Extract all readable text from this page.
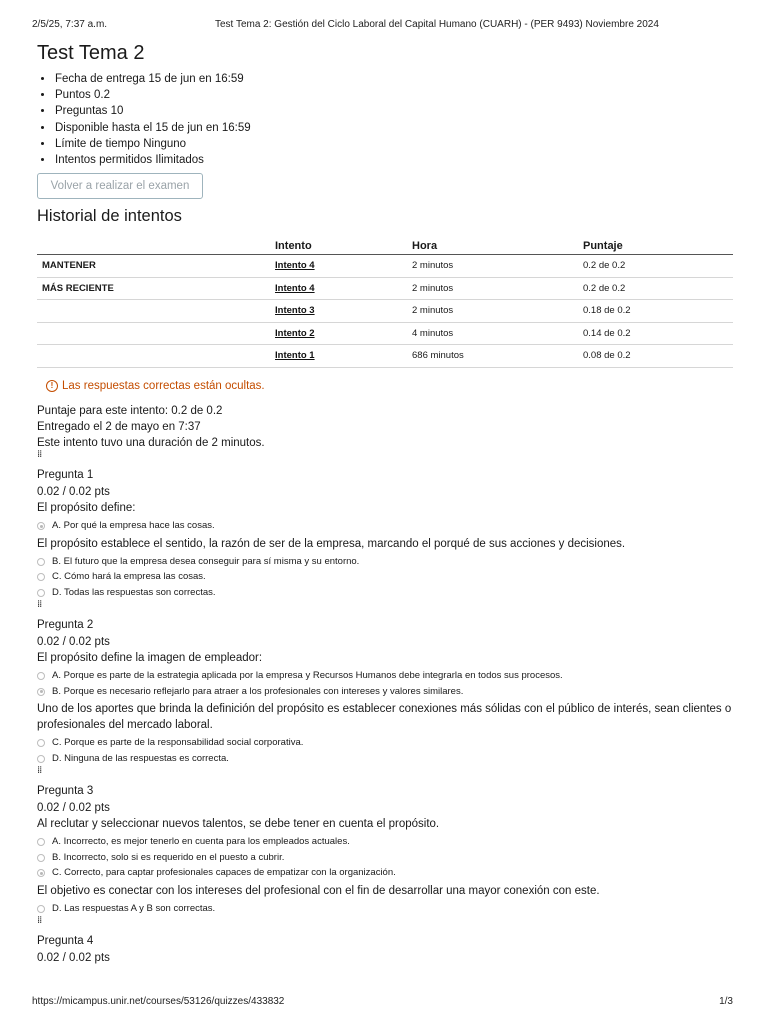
2/5/25, 7:37 a.m.	Test Tema 2: Gestión del Ciclo Laboral del Capital Humano (CUARH) - (PER 9493) Noviembre 2024
Test Tema 2
• Fecha de entrega 15 de jun en 16:59
• Puntos 0.2
• Preguntas 10
• Disponible hasta el 15 de jun en 16:59
• Límite de tiempo Ninguno
• Intentos permitidos Ilimitados
Volver a realizar el examen
Historial de intentos
	Intento	Hora	Puntaje
MANTENER	Intento 4	2 minutos	0.2 de 0.2
MÁS RECIENTE	Intento 4	2 minutos	0.2 de 0.2
	Intento 3	2 minutos	0.18 de 0.2
	Intento 2	4 minutos	0.14 de 0.2
	Intento 1	686 minutos	0.08 de 0.2
! Las respuestas correctas están ocultas.
Puntaje para este intento: 0.2 de 0.2
Entregado el 2 de mayo en 7:37
Este intento tuvo una duración de 2 minutos.
⁞⁞
Pregunta 1
0.02 / 0.02 pts
El propósito define:
A. Por qué la empresa hace las cosas.
El propósito establece el sentido, la razón de ser de la empresa, marcando el porqué de sus acciones y decisiones.
B. El futuro que la empresa desea conseguir para sí misma y su entorno.
C. Cómo hará la empresa las cosas.
D. Todas las respuestas son correctas.
⁞⁞
Pregunta 2
0.02 / 0.02 pts
El propósito define la imagen de empleador:
A. Porque es parte de la estrategia aplicada por la empresa y Recursos Humanos debe integrarla en todos sus procesos.
B. Porque es necesario reflejarlo para atraer a los profesionales con intereses y valores similares.
Uno de los aportes que brinda la definición del propósito es establecer conexiones más sólidas con el público de interés, sean clientes o profesionales del mercado laboral.
C. Porque es parte de la responsabilidad social corporativa.
D. Ninguna de las respuestas es correcta.
⁞⁞
Pregunta 3
0.02 / 0.02 pts
Al reclutar y seleccionar nuevos talentos, se debe tener en cuenta el propósito.
A. Incorrecto, es mejor tenerlo en cuenta para los empleados actuales.
B. Incorrecto, solo si es requerido en el puesto a cubrir.
C. Correcto, para captar profesionales capaces de empatizar con la organización.
El objetivo es conectar con los intereses del profesional con el fin de desarrollar una mayor conexión con este.
D. Las respuestas A y B son correctas.
⁞⁞
Pregunta 4
0.02 / 0.02 pts
https://micampus.unir.net/courses/53126/quizzes/433832	1/3
